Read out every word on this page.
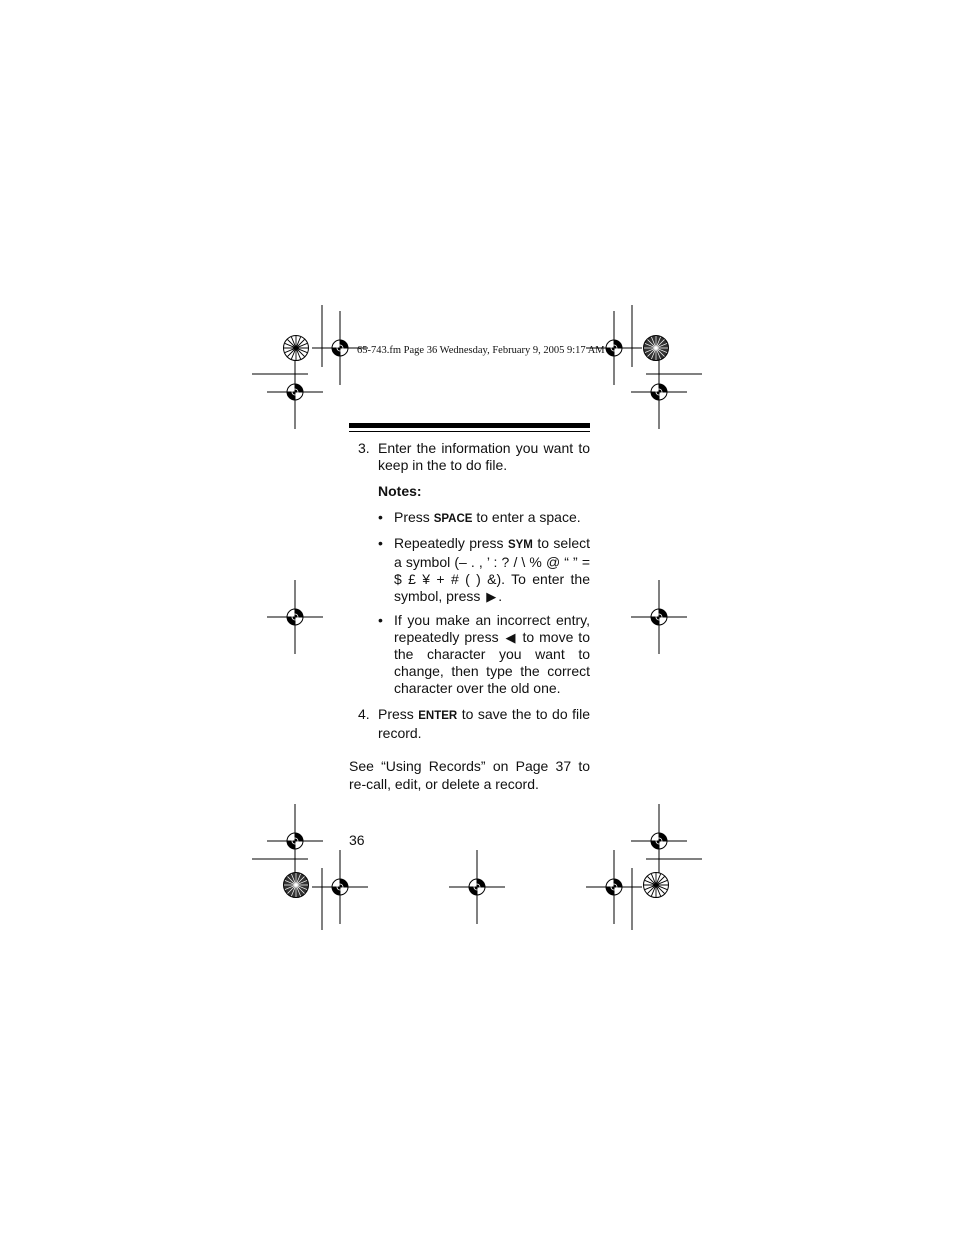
65-743.fm Page 36 Wednesday, February 9, 2005 9:17 AM
3. Enter the information you want to keep in the to do file.
Notes:
• Press SPACE to enter a space.
• Repeatedly press SYM to select a symbol (– . , ’ : ? / \ % @ “ ” = $ £ ¥ + # ( ) &). To enter the symbol, press ▶ .
• If you make an incorrect entry, repeatedly press ◀ to move to the character you want to change, then type the correct character over the old one.
4. Press ENTER to save the to do file record.
See “Using Records” on Page 37 to re-call, edit, or delete a record.
36
